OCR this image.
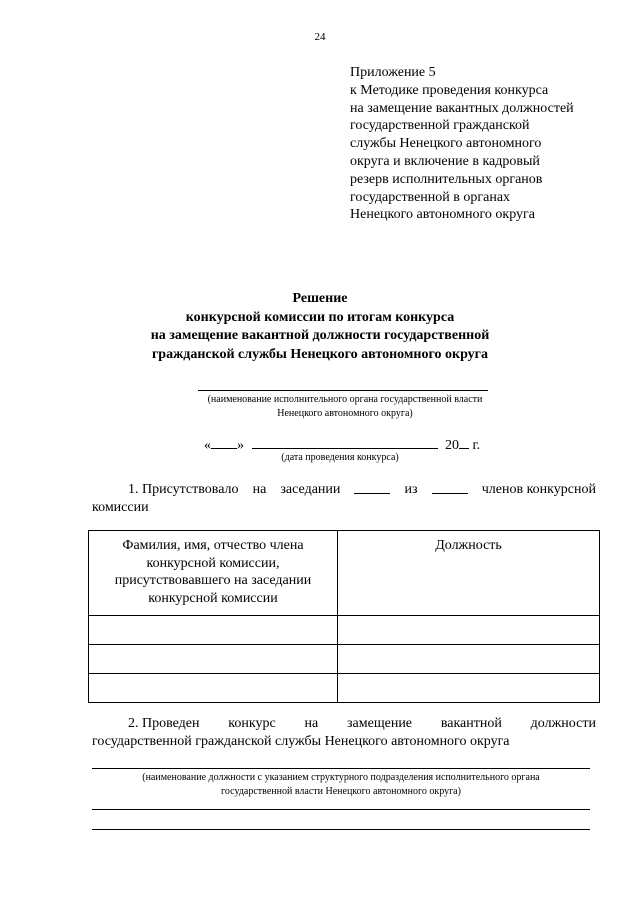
24
Приложение 5
к Методике проведения конкурса
на замещение вакантных должностей
государственной гражданской
службы Ненецкого автономного
округа и включение в кадровый
резерв исполнительных органов
государственной в органах
Ненецкого автономного округа
Решение
конкурсной комиссии по итогам конкурса
на замещение вакантной должности государственной
гражданской службы Ненецкого автономного округа
(наименование исполнительного органа государственной власти
Ненецкого автономного округа)
« »	20 г.
(дата проведения конкурса)
1. Присутствовало на заседании	из	членов конкурсной
комиссии
Фамилия, имя, отчество члена конкурсной комиссии, присутствовавшего на заседании конкурсной комиссии	Должность

2. Проведен конкурс на замещение вакантной должности
государственной гражданской службы Ненецкого автономного округа
(наименование должности с указанием структурного подразделения исполнительного органа
государственной власти Ненецкого автономного округа)
